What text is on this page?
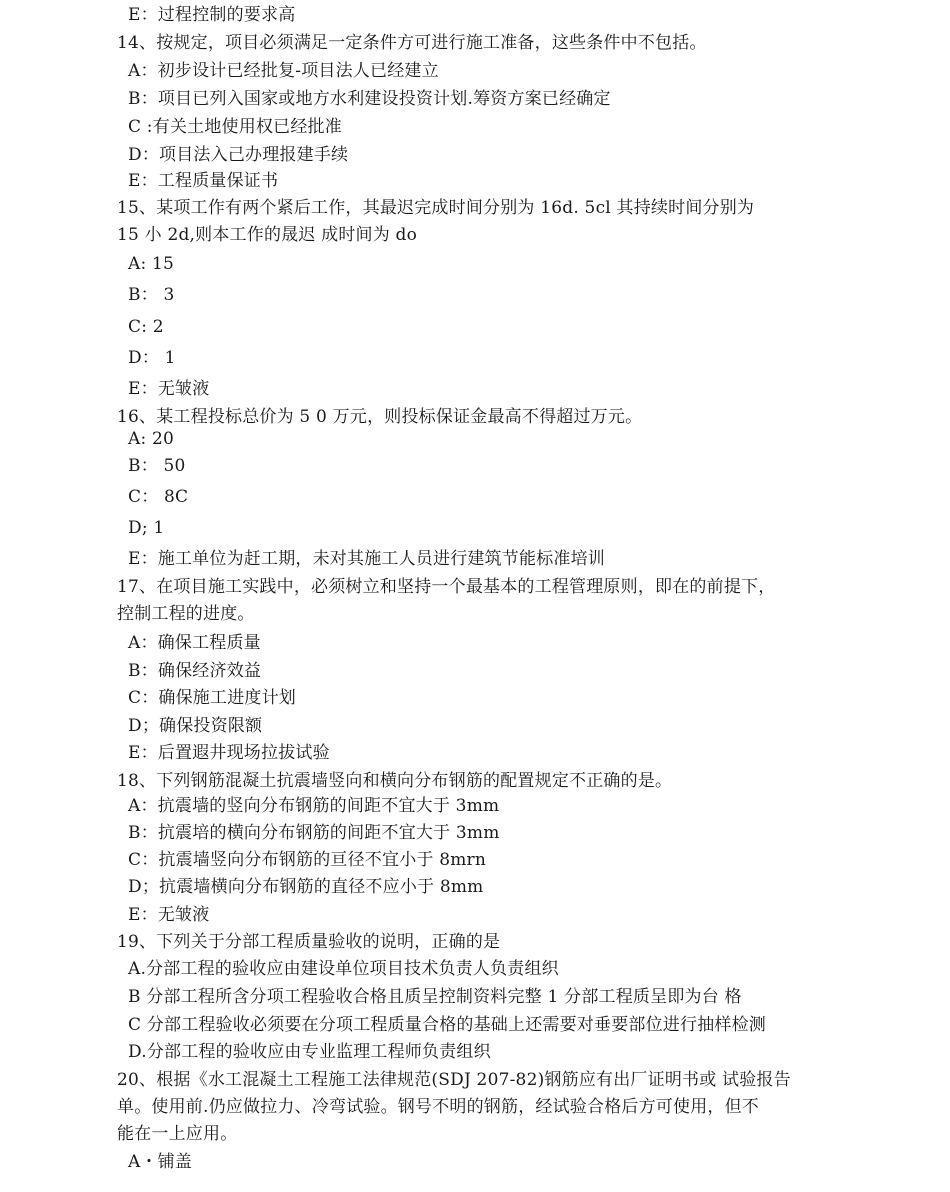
E：过程控制的要求高
14、按规定，项目必须满足一定条件方可进行施工准备，这些条件中不包括。
A：初步设计已经批复-项目法人已经建立
B：项目已列入国家或地方水利建设投资计划.筹资方案已经确定
C :有关土地使用权已经批准
D：项目法入己办理报建手续
E：工程质量保证书
15、某项工作有两个紧后工作，其最迟完成时间分别为 16d. 5cl 其持续时间分别为
15 小 2d,则本工作的晟迟 成时间为 do
A: 15
B： 3
C: 2
D： 1
E：无皱液
16、某工程投标总价为 5 0 万元，则投标保证金最高不得超过万元。
A: 20
B： 50
C： 8C
D; 1
E：施工单位为赶工期，未对其施工人员进行建筑节能标准培训
17、在项目施工实践中，必须树立和坚持一个最基本的工程管理原则，即在的前提下，
控制工程的进度。
A：确保工程质量
B：确保经济效益
C：确保施工进度计划
D；确保投资限额
E：后置遐井现场拉拔试验
18、下列钢筋混凝土抗震墙竖向和横向分布钢筋的配置规定不正确的是。
A：抗震墙的竖向分布钢筋的间距不宜大于 3mm
B：抗震培的横向分布钢筋的间距不宜大于 3mm
C：抗震墙竖向分布钢筋的亘径不宜小于 8mrn
D；抗震墙横向分布钢筋的直径不应小于 8mm
E：无皱液
19、下列关于分部工程质量验收的说明，正确的是
A.分部工程的验收应由建设单位项目技术负责人负责组织
B 分部工程所含分项工程验收合格且质呈控制资料完整 1 分部工程质呈即为台 格
C 分部工程验收必须要在分项工程质量合格的基础上还需要对垂要部位进行抽样检测
D.分部工程的验收应由专业监理工程师负责组织
20、根据《水工混凝土工程施工法律规范(SDJ 207-82)钢筋应有出厂证明书或 试验报告
单。使用前.仍应做拉力、冷弯试验。钢号不明的钢筋，经试验合格后方可使用，但不
能在一上应用。
A・铺盖
